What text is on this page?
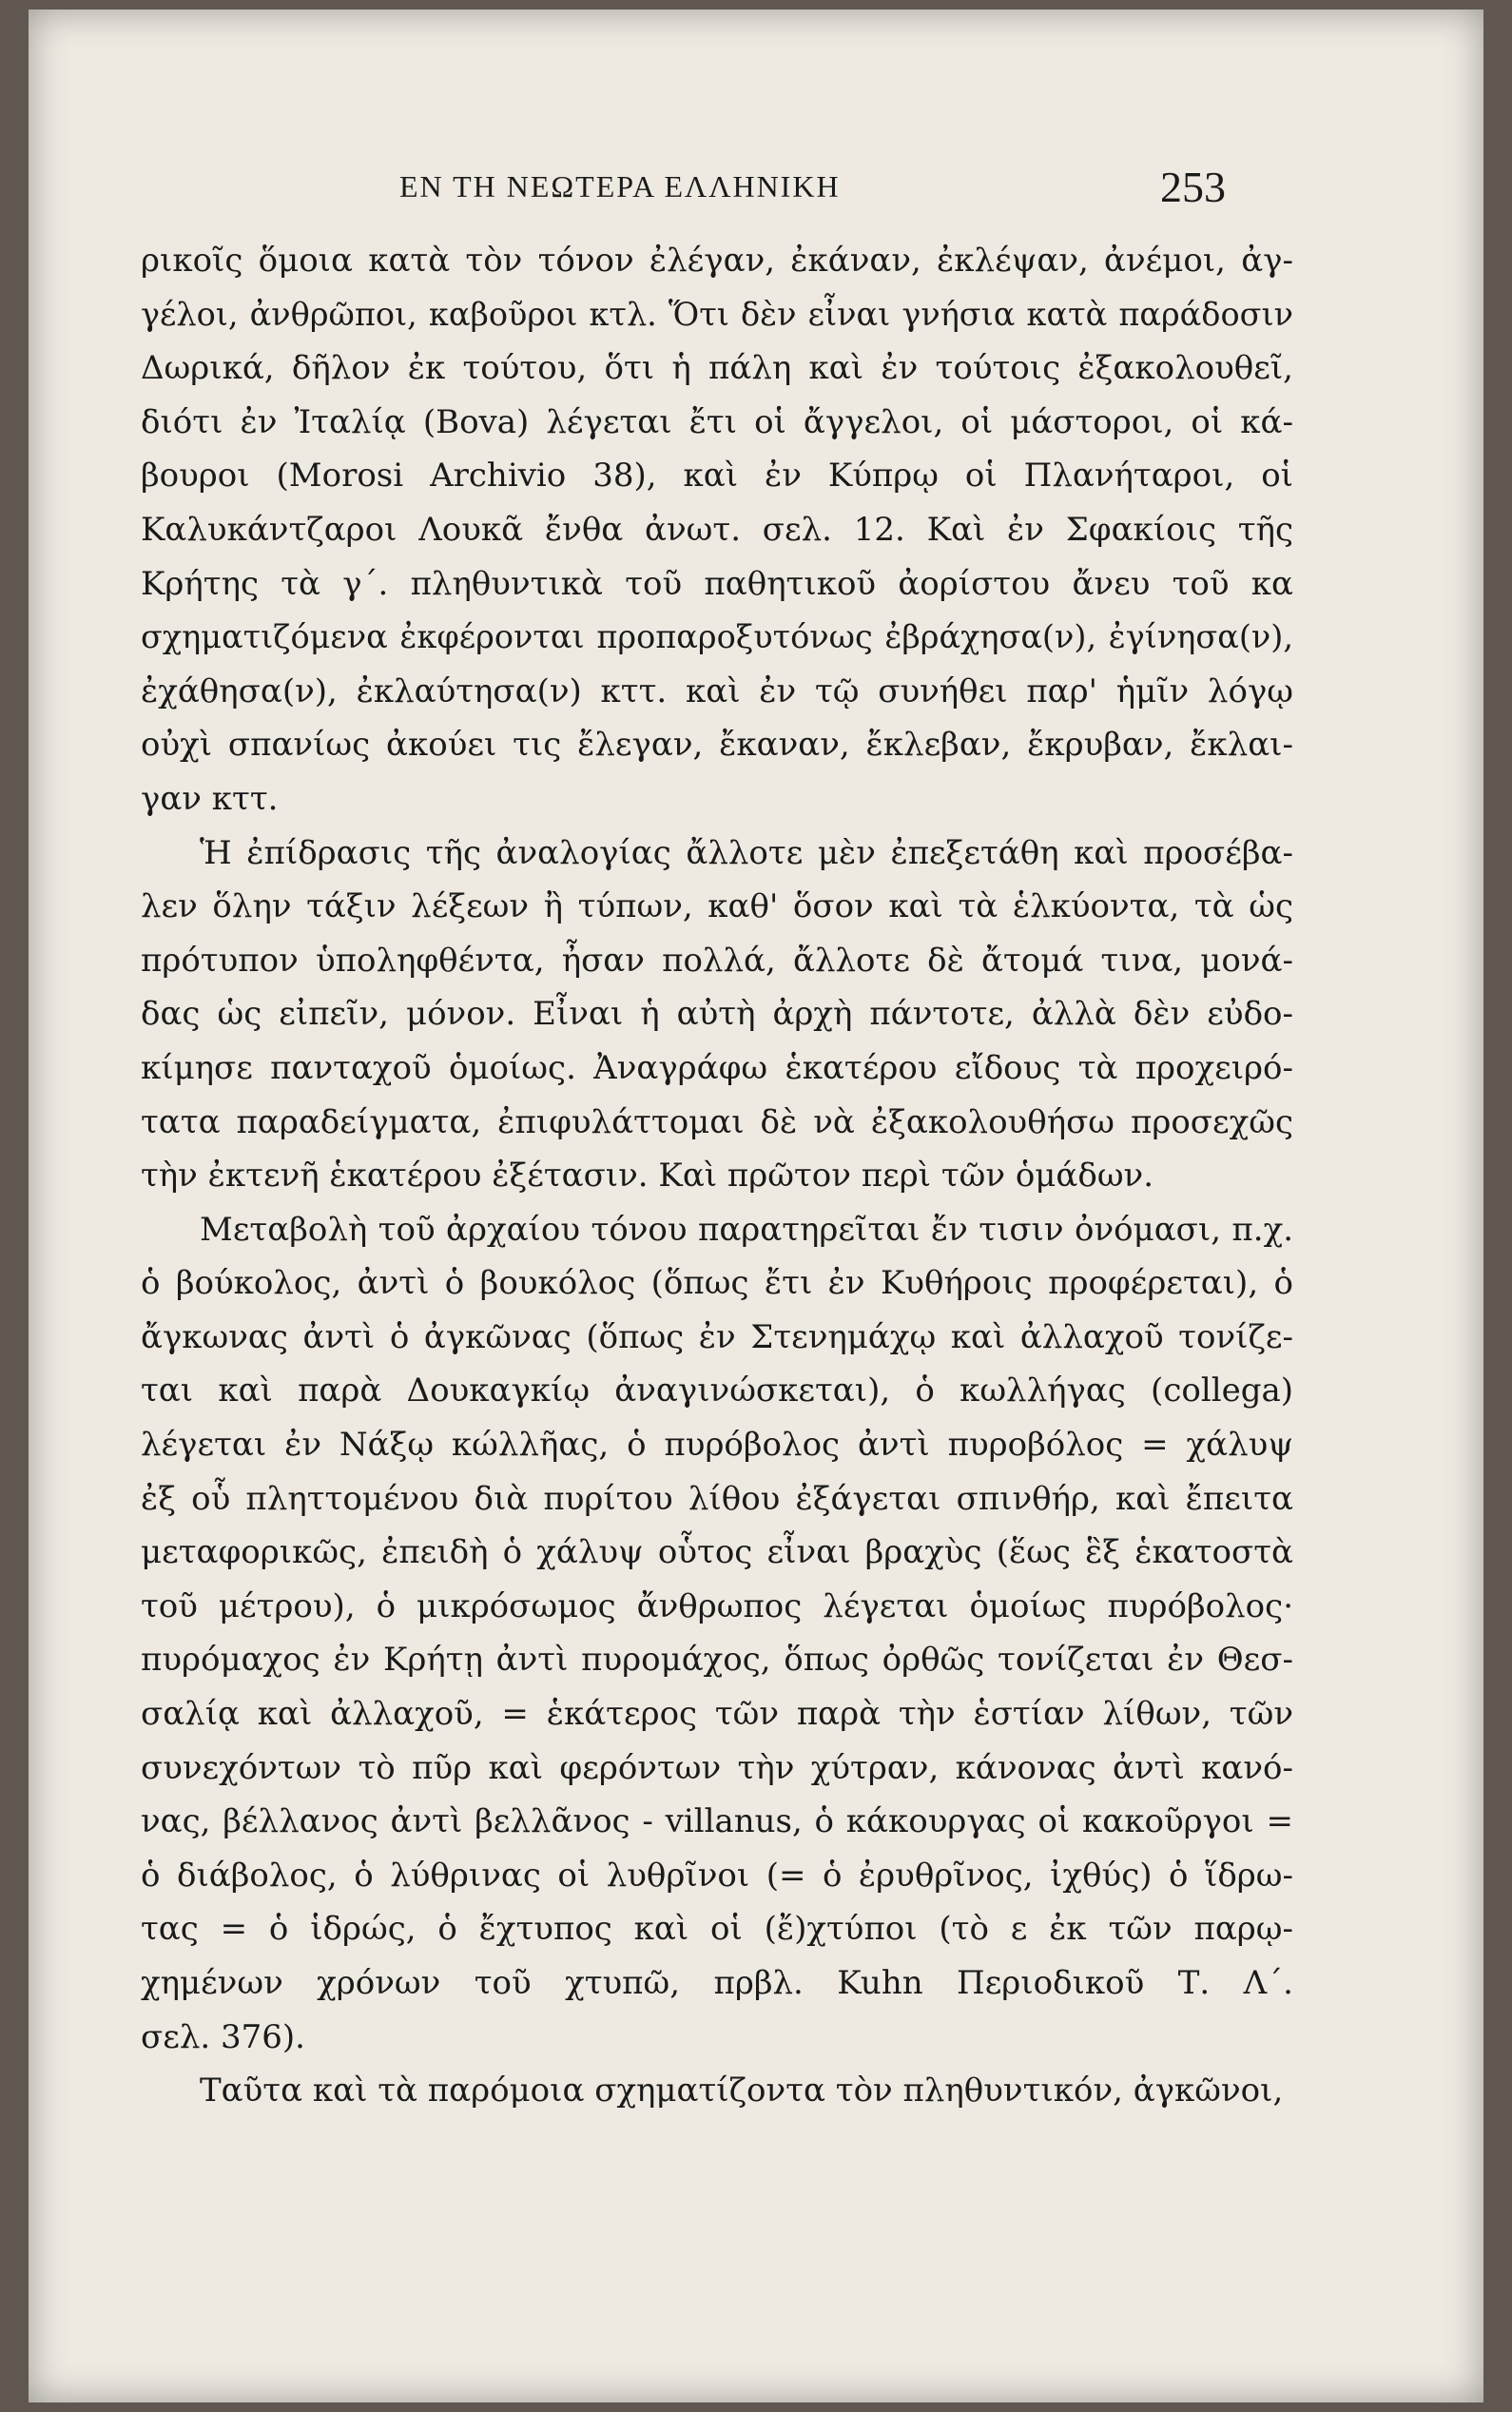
ΕΝ ΤΗ ΝΕΩΤΕΡΑ ΕΛΛΗΝΙΚΗ	253
ρικοῖς ὅμοια κατὰ τὸν τόνον ἐλέγαν, ἐκάναν, ἐκλέψαν, ἀνέμοι, ἀγ-
γέλοι, ἀνθρῶποι, καβοῦροι κτλ. Ὅτι δὲν εἶναι γνήσια κατὰ παράδοσιν
Δωρικά, δῆλον ἐκ τούτου, ὅτι ἡ πάλη καὶ ἐν τούτοις ἐξακολουθεῖ,
διότι ἐν Ἰταλίᾳ (Bova) λέγεται ἔτι οἱ ἄγγελοι, οἱ μάστοροι, οἱ κά-
βουροι (Morosi Archivio 38), καὶ ἐν Κύπρῳ οἱ Πλανήταροι, οἱ
Καλυκάντζαροι Λουκᾶ ἔνθα ἀνωτ. σελ. 12. Καὶ ἐν Σφακίοις τῆς
Κρήτης τὰ γ΄. πληθυντικὰ τοῦ παθητικοῦ ἀορίστου ἄνευ τοῦ κα
σχηματιζόμενα ἐκφέρονται προπαροξυτόνως ἐβράχησα(ν), ἐγίνησα(ν),
ἐχάθησα(ν), ἐκλαύτησα(ν) κττ. καὶ ἐν τῷ συνήθει παρ' ἡμῖν λόγῳ
οὐχὶ σπανίως ἀκούει τις ἔλεγαν, ἔκαναν, ἔκλεβαν, ἔκρυβαν, ἔκλαι-
γαν κττ.
Ἡ ἐπίδρασις τῆς ἀναλογίας ἄλλοτε μὲν ἐπεξετάθη καὶ προσέβα-
λεν ὅλην τάξιν λέξεων ἢ τύπων, καθ' ὅσον καὶ τὰ ἑλκύοντα, τὰ ὡς
πρότυπον ὑποληφθέντα, ἦσαν πολλά, ἄλλοτε δὲ ἄτομά τινα, μονά-
δας ὡς εἰπεῖν, μόνον. Εἶναι ἡ αὐτὴ ἀρχὴ πάντοτε, ἀλλὰ δὲν εὐδο-
κίμησε πανταχοῦ ὁμοίως. Ἀναγράφω ἑκατέρου εἴδους τὰ προχειρό-
τατα παραδείγματα, ἐπιφυλάττομαι δὲ νὰ ἐξακολουθήσω προσεχῶς
τὴν ἐκτενῆ ἑκατέρου ἐξέτασιν. Καὶ πρῶτον περὶ τῶν ὁμάδων.
Μεταβολὴ τοῦ ἀρχαίου τόνου παρατηρεῖται ἔν τισιν ὀνόμασι, π.χ.
ὁ βούκολος, ἀντὶ ὁ βουκόλος (ὅπως ἔτι ἐν Κυθήροις προφέρεται), ὁ
ἄγκωνας ἀντὶ ὁ ἀγκῶνας (ὅπως ἐν Στενημάχῳ καὶ ἀλλαχοῦ τονίζε-
ται καὶ παρὰ Δουκαγκίῳ ἀναγινώσκεται), ὁ κωλλήγας (collega)
λέγεται ἐν Νάξῳ κώλλῆας, ὁ πυρόβολος ἀντὶ πυροβόλος = χάλυψ
ἐξ οὗ πληττομένου διὰ πυρίτου λίθου ἐξάγεται σπινθήρ, καὶ ἔπειτα
μεταφορικῶς, ἐπειδὴ ὁ χάλυψ οὗτος εἶναι βραχὺς (ἕως ἓξ ἑκατοστὰ
τοῦ μέτρου), ὁ μικρόσωμος ἄνθρωπος λέγεται ὁμοίως πυρόβολος·
πυρόμαχος ἐν Κρήτῃ ἀντὶ πυρομάχος, ὅπως ὀρθῶς τονίζεται ἐν Θεσ-
σαλίᾳ καὶ ἀλλαχοῦ, = ἑκάτερος τῶν παρὰ τὴν ἑστίαν λίθων, τῶν
συνεχόντων τὸ πῦρ καὶ φερόντων τὴν χύτραν, κάνονας ἀντὶ κανό-
νας, βέλλανος ἀντὶ βελλᾶνος - villanus, ὁ κάκουργας οἱ κακοῦργοι =
ὁ διάβολος, ὁ λύθρινας οἱ λυθρῖνοι (= ὁ ἐρυθρῖνος, ἰχθύς) ὁ ἵδρω-
τας = ὁ ἱδρώς, ὁ ἔχτυπος καὶ οἱ (ἔ)χτύποι (τὸ ε ἐκ τῶν παρῳ-
χημένων χρόνων τοῦ χτυπῶ, πρβλ. Kuhn Περιοδικοῦ Τ. Λ΄.
σελ. 376).
Ταῦτα καὶ τὰ παρόμοια σχηματίζοντα τὸν πληθυντικόν, ἀγκῶνοι,
